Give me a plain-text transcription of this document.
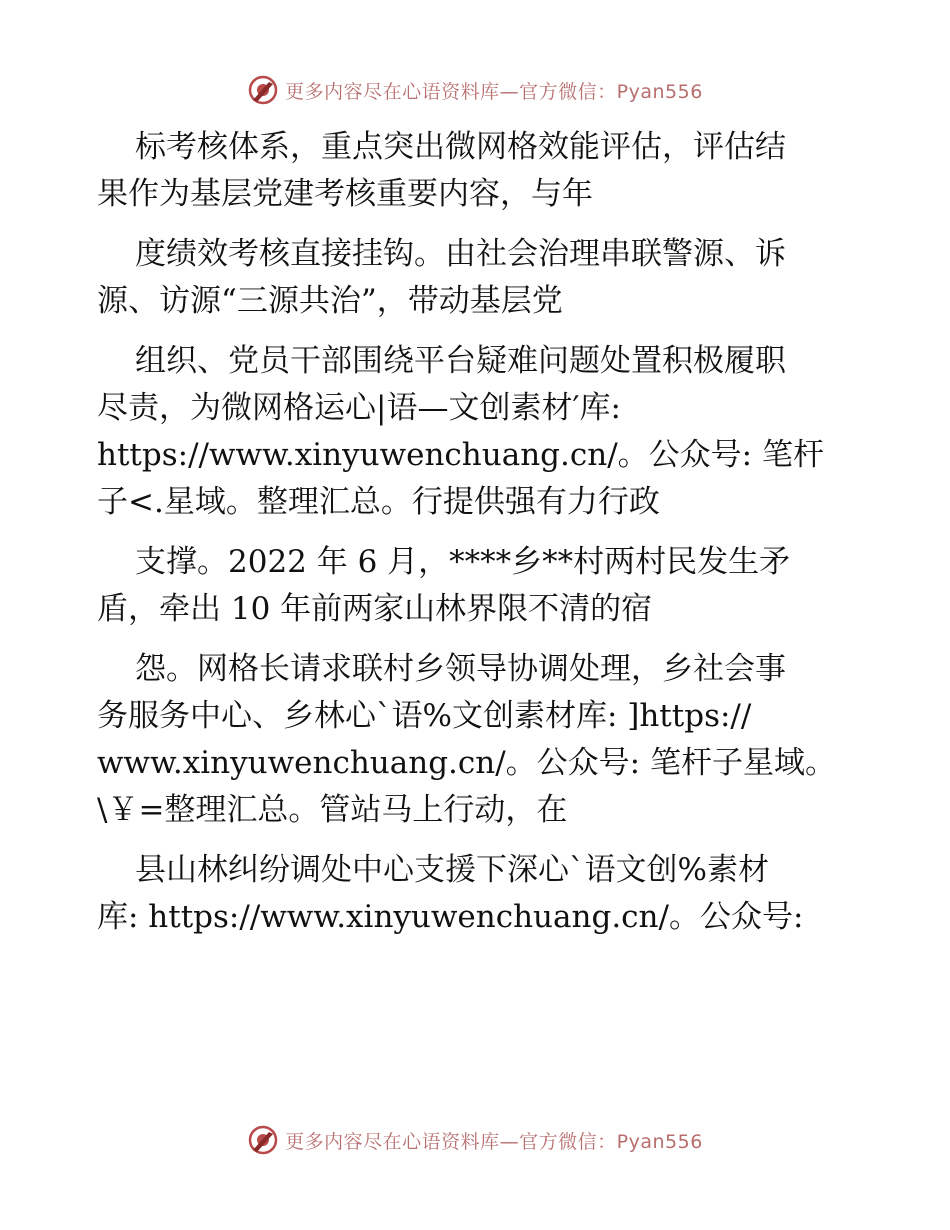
更多内容尽在心语资料库—官方微信：Pyan556
标考核体系，重点突出微网格效能评估，评估结
果作为基层党建考核重要内容，与年
度绩效考核直接挂钩。由社会治理串联警源、诉
源、访源“三源共治”，带动基层党
组织、党员干部围绕平台疑难问题处置积极履职
尽责，为微网格运心|语—文创素材′库:
https://www.xinyuwenchuang.cn/。公众号: 笔杆
子<.星域。整理汇总。行提供强有力行政
支撑。2022 年 6 月，****乡**村两村民发生矛
盾，牵出 10 年前两家山林界限不清的宿
怨。网格长请求联村乡领导协调处理，乡社会事
务服务中心、乡林心`语%文创素材库: ]https://
www.xinyuwenchuang.cn/。公众号: 笔杆子星域。
\￥=整理汇总。管站马上行动，在
县山林纠纷调处中心支援下深心`语文创%素材
库: https://www.xinyuwenchuang.cn/。公众号:
更多内容尽在心语资料库—官方微信：Pyan556
